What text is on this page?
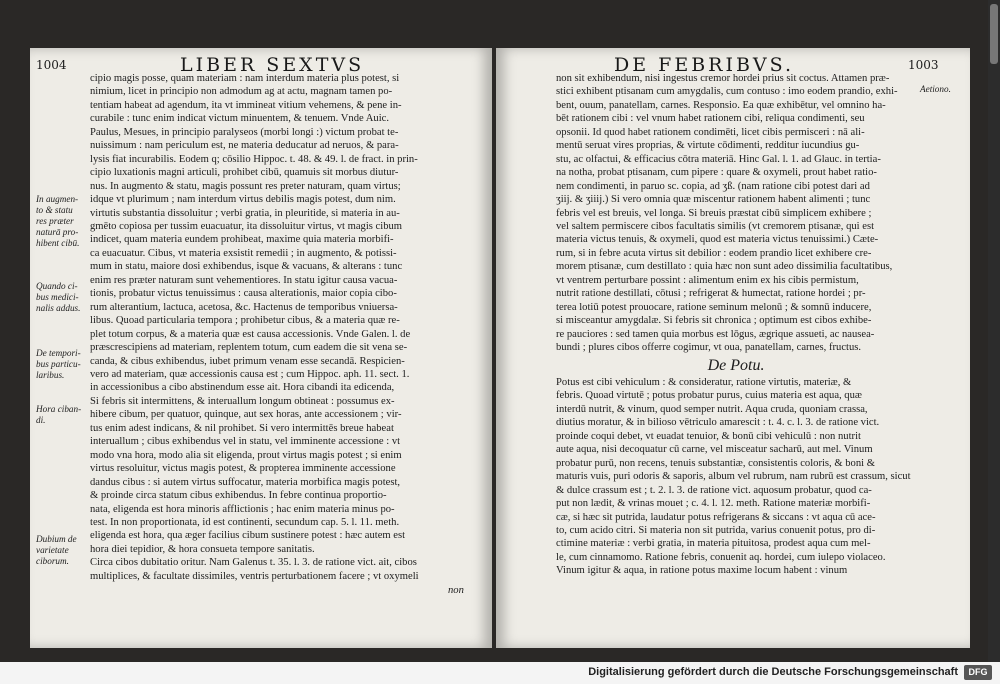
1004	LIBER SEXTVS
cipio magis posse, quam materiam : nam interdum materia plus potest, si
nimium, licet in principio non admodum ag at actu, magnam tamen po-
tentiam habeat ad agendum, ita vt immineat vitium vehemens, & pene in-
curabile : tunc enim indicat victum minuentem, & tenuem. Vnde Auic.
Paulus, Mesues, in principio paralyseos (morbi longi :) victum probat te-
nuissimum : nam periculum est, ne materia deducatur ad neruos, & para-
lysis fiat incurabilis. Eodem q; cōsilio Hippoc. t. 48. & 49. l. de fract. in prin-
cipio luxationis magni articuli, prohibet cibū, quamuis sit morbus diutur-
nus. In augmento & statu, magis possunt res preter naturam, quam virtus;
idque vt plurimum ; nam interdum virtus debilis magis potest, dum nim.
virtutis substantia dissoluitur ; verbi gratia, in pleuritide, si materia in au-
gmēto copiosa per tussim euacuatur, ita dissoluitur virtus, vt magis cibum
indicet, quam materia eundem prohibeat, maxime quia materia morbifi-
ca euacuatur. Cibus, vt materia exsistit remedii ; in augmento, & potissi-
mum in statu, maiore dosi exhibendus, isque & vacuans, & alterans : tunc
enim res præter naturam sunt vehementiores. In statu igitur causa vacua-
tionis, probatur victus tenuissimus : causa alterationis, maior copia cibo-
rum alterantium, lactuca, acetosa, &c. Hactenus de temporibus vniuersa-
libus. Quoad particularia tempora ; prohibetur cibus, & a materia quæ re-
plet totum corpus, & a materia quæ est causa accessionis. Vnde Galen. l. de
præscrescipiens ad materiam, replentem totum, cum eadem die sit vena se-
canda, & cibus exhibendus, iubet primum venam esse secandā. Respicien-
vero ad materiam, quæ accessionis causa est ; cum Hippoc. aph. 11. sect. 1.
in accessionibus a cibo abstinendum esse ait. Hora cibandi ita edicenda,
Si febris sit intermittens, & interuallum longum obtineat : possumus ex-
hibere cibum, per quatuor, quinque, aut sex horas, ante accessionem ; vir-
tus enim adest indicans, & nil prohibet. Si vero intermittēs breue habeat
interuallum ; cibus exhibendus vel in statu, vel imminente accessione : vt
modo vna hora, modo alia sit eligenda, prout virtus magis potest ; si enim
virtus resoluitur, victus magis potest, & propterea imminente accessione
dandus cibus : si autem virtus suffocatur, materia morbifica magis potest,
& proinde circa statum cibus exhibendus. In febre continua proportio-
nata, eligenda est hora minoris afflictionis ; hac enim materia minus po-
test. In non proportionata, id est continenti, secundum cap. 5. l. 11. meth.
eligenda est hora, qua æger facilius cibum sustinere potest : hæc autem est
hora diei tepidior, & hora consueta tempore sanitatis.
Circa cibos dubitatio oritur. Nam Galenus t. 35. l. 3. de ratione vict. ait, cibos
multiplices, & facultate dissimiles, ventris perturbationem facere ; vt oxymeli
In augmen-
to & statu
res præter
naturā pro-
hibent cibū.
Quando ci-
bus medici-
nalis addus.
De tempori-
bus particu-
laribus.
Hora ciban-
di.
Dubium de
varietate
ciborum.
non
DE FEBRIBVS.	1003
non sit exhibendum, nisi ingestus cremor hordei prius sit coctus. Attamen præ-
stici exhibent ptisanam cum amygdalis, cum contuso : imo eodem prandio, exhi-
bent, ouum, panatellam, carnes. Responsio. Ea quæ exhibētur, vel omnino ha-
bēt rationem cibi : vel vnum habet rationem cibi, reliqua condimenti, seu
opsonii. Id quod habet rationem condimēti, licet cibis permisceri : nā ali-
mentū seruat vires proprias, & virtute cōdimenti, redditur iucundius gu-
stu, ac olfactui, & efficacius cōtra materiā. Hinc Gal. l. 1. ad Glauc. in tertia-
na notha, probat ptisanam, cum pipere : quare & oxymeli, prout habet ratio-
nem condimenti, in paruo sc. copia, ad ʒß. (nam ratione cibi potest dari ad
ʒiij. & ʒiiij.) Si vero omnia quæ miscentur rationem habent alimenti ; tunc
febris vel est breuis, vel longa. Si breuis præstat cibū simplicem exhibere ;
vel saltem permiscere cibos facultatis similis (vt cremorem ptisanæ, qui est
materia victus tenuis, & oxymeli, quod est materia victus tenuissimi.) Cæte-
rum, si in febre acuta virtus sit debilior : eodem prandio licet exhibere cre-
morem ptisanæ, cum destillato : quia hæc non sunt adeo dissimilia facultatibus,
vt ventrem perturbare possint : alimentum enim ex his cibis permistum,
nutrit ratione destillati, cōtusi ; refrigerat & humectat, ratione hordei ; pr-
terea lotiū potest prouocare, ratione seminum melonū ; & somnū inducere,
si misceantur amygdalæ. Si febris sit chronica ; optimum est cibos exhibe-
re pauciores : sed tamen quia morbus est lōgus, ægrique assueti, ac nausea-
bundi ; plures cibos offerre cogimur, vt oua, panatellam, carnes, fructus.
De Potu.
Potus est cibi vehiculum : & consideratur, ratione virtutis, materiæ, &
febris. Quoad virtutē ; potus probatur purus, cuius materia est aqua, quæ
interdū nutrit, & vinum, quod semper nutrit. Aqua cruda, quoniam crassa,
diutius moratur, & in bilioso vētriculo amarescit : t. 4. c. l. 3. de ratione vict.
proinde coqui debet, vt euadat tenuior, & bonū cibi vehiculū : non nutrit
aute aqua, nisi decoquatur cū carne, vel misceatur sacharū, aut mel. Vinum
probatur purū, non recens, tenuis substantiæ, consistentis coloris, & boni &
maturis vuis, puri odoris & saporis, album vel rubrum, nam rubrū est crassum, sicut
& dulce crassum est ; t. 2. l. 3. de ratione vict. aquosum probatur, quod ca-
put non lædit, & vrinas mouet ; c. 4. l. 12. meth. Ratione materiæ morbifi-
cæ, si hæc sit putrida, laudatur potus refrigerans & siccans : vt aqua cū ace-
to, cum acido citri. Si materia non sit putrida, varius conuenit potus, pro di-
ctimine materiæ : verbi gratia, in materia pituitosa, prodest aqua cum mel-
le, cum cinnamomo. Ratione febris, conuenit aq. hordei, cum iulepo violaceo.
Vinum igitur & aqua, in ratione potus maxime locum habent : vinum
Aetiono.
Digitalisierung gefördert durch die Deutsche Forschungsgemeinschaft	DFG
